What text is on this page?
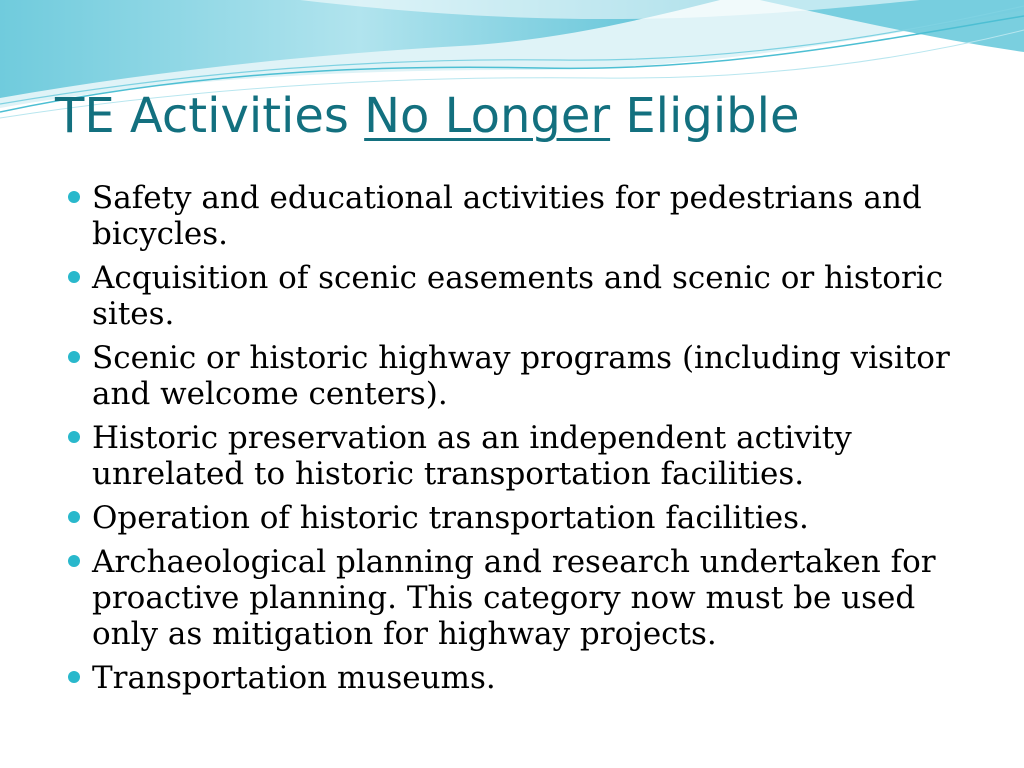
TE Activities No Longer Eligible
Safety and educational activities for pedestrians and bicycles.
Acquisition of scenic easements and scenic or historic sites.
Scenic or historic highway programs (including visitor and welcome centers).
Historic preservation as an independent activity unrelated to historic transportation facilities.
Operation of historic transportation facilities.
Archaeological planning and research undertaken for proactive planning. This category now must be used only as mitigation for highway projects.
Transportation museums.
